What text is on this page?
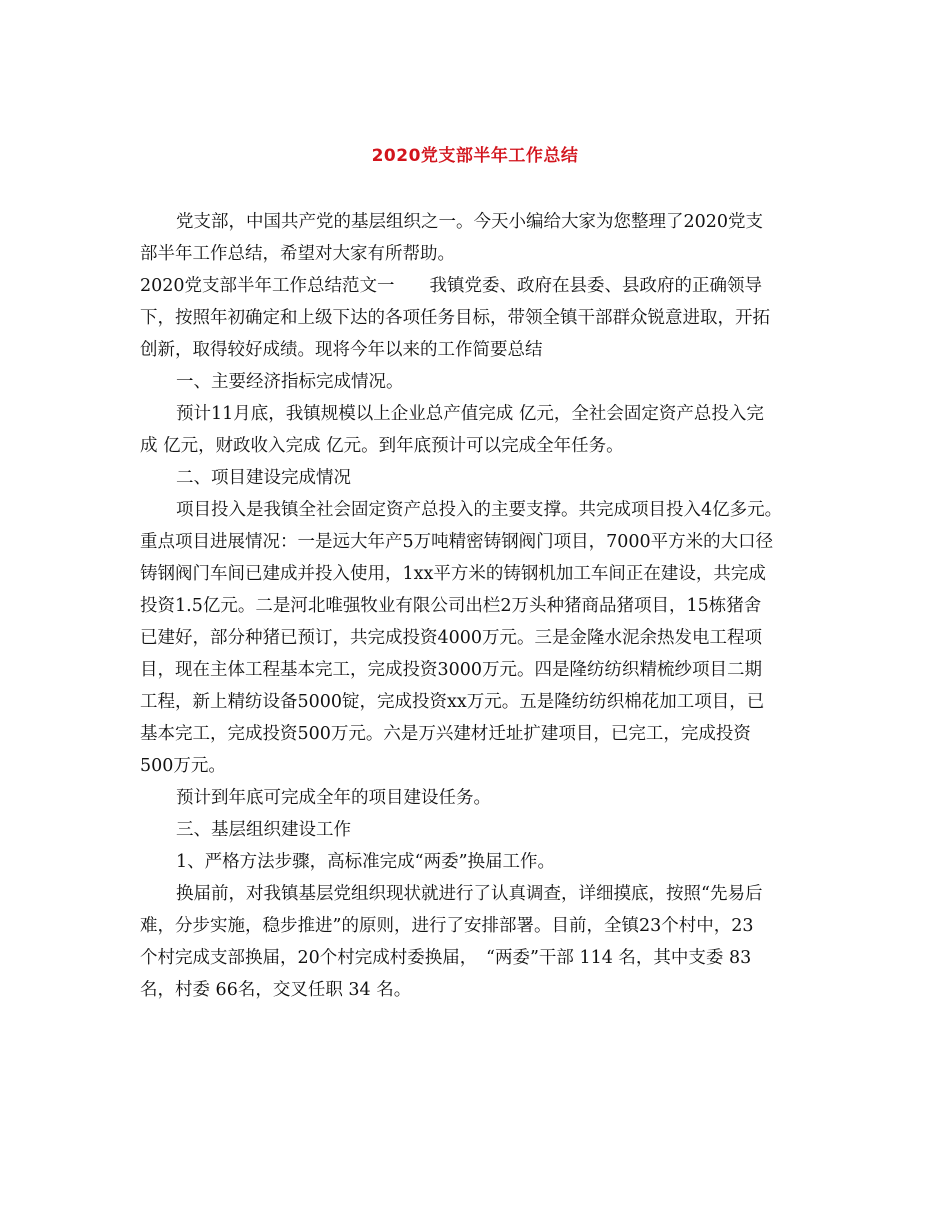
2020党支部半年工作总结
党支部，中国共产党的基层组织之一。今天小编给大家为您整理了2020党支
部半年工作总结，希望对大家有所帮助。
2020党支部半年工作总结范文一　　我镇党委、政府在县委、县政府的正确领导
下，按照年初确定和上级下达的各项任务目标，带领全镇干部群众锐意进取，开拓
创新，取得较好成绩。现将今年以来的工作简要总结
一、主要经济指标完成情况。
预计11月底，我镇规模以上企业总产值完成 亿元，全社会固定资产总投入完
成 亿元，财政收入完成 亿元。到年底预计可以完成全年任务。
二、项目建设完成情况
项目投入是我镇全社会固定资产总投入的主要支撑。共完成项目投入4亿多元。
重点项目进展情况：一是远大年产5万吨精密铸钢阀门项目，7000平方米的大口径
铸钢阀门车间已建成并投入使用，1xx平方米的铸钢机加工车间正在建设，共完成
投资1.5亿元。二是河北唯强牧业有限公司出栏2万头种猪商品猪项目，15栋猪舍
已建好，部分种猪已预订，共完成投资4000万元。三是金隆水泥余热发电工程项
目，现在主体工程基本完工，完成投资3000万元。四是隆纺纺织精梳纱项目二期
工程，新上精纺设备5000锭，完成投资xx万元。五是隆纺纺织棉花加工项目，已
基本完工，完成投资500万元。六是万兴建材迁址扩建项目，已完工，完成投资
500万元。
预计到年底可完成全年的项目建设任务。
三、基层组织建设工作
1、严格方法步骤，高标准完成“两委”换届工作。
换届前，对我镇基层党组织现状就进行了认真调查，详细摸底，按照“先易后
难，分步实施，稳步推进”的原则，进行了安排部署。目前，全镇23个村中，23
个村完成支部换届，20个村完成村委换届，　“两委”干部 114 名，其中支委 83
名，村委 66名，交叉任职 34 名。
